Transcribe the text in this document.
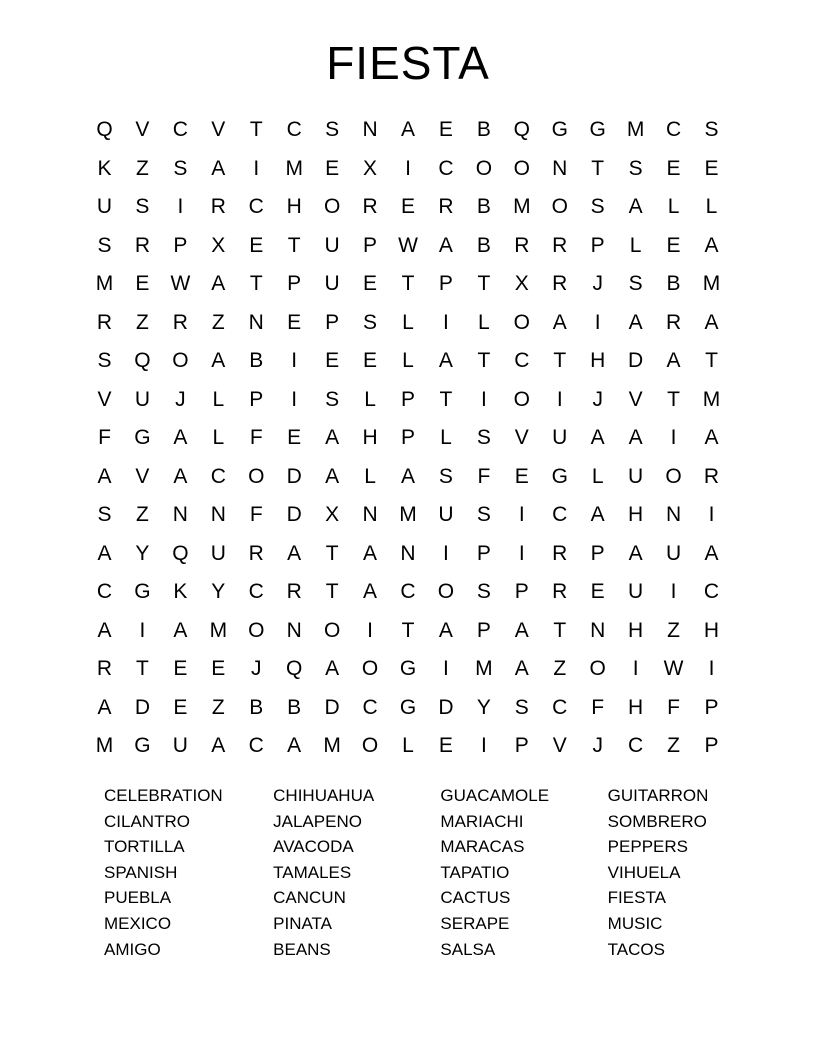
FIESTA
Q	V	C	V	T	C	S	N	A	E	B	Q	G	G	M	C	S
K	Z	S	A	I	M	E	X	I	C	O	O	N	T	S	E	E
U	S	I	R	C	H	O	R	E	R	B	M	O	S	A	L	L
S	R	P	X	E	T	U	P	W	A	B	R	R	P	L	E	A
M	E	W	A	T	P	U	E	T	P	T	X	R	J	S	B	M
R	Z	R	Z	N	E	P	S	L	I	L	O	A	I	A	R	A
S	Q	O	A	B	I	E	E	L	A	T	C	T	H	D	A	T
V	U	J	L	P	I	S	L	P	T	I	O	I	J	V	T	M
F	G	A	L	F	E	A	H	P	L	S	V	U	A	A	I	A
A	V	A	C	O	D	A	L	A	S	F	E	G	L	U	O	R
S	Z	N	N	F	D	X	N	M	U	S	I	C	A	H	N	I
A	Y	Q	U	R	A	T	A	N	I	P	I	R	P	A	U	A
C	G	K	Y	C	R	T	A	C	O	S	P	R	E	U	I	C
A	I	A	M	O	N	O	I	T	A	P	A	T	N	H	Z	H
R	T	E	E	J	Q	A	O	G	I	M	A	Z	O	I	W	I
A	D	E	Z	B	B	D	C	G	D	Y	S	C	F	H	F	P
M	G	U	A	C	A	M	O	L	E	I	P	V	J	C	Z	P
CELEBRATION
CILANTRO
TORTILLA
SPANISH
PUEBLA
MEXICO
AMIGO
CHIHUAHUA
JALAPENO
AVACODA
TAMALES
CANCUN
PINATA
BEANS
GUACAMOLE
MARIACHI
MARACAS
TAPATIO
CACTUS
SERAPE
SALSA
GUITARRON
SOMBRERO
PEPPERS
VIHUELA
FIESTA
MUSIC
TACOS
